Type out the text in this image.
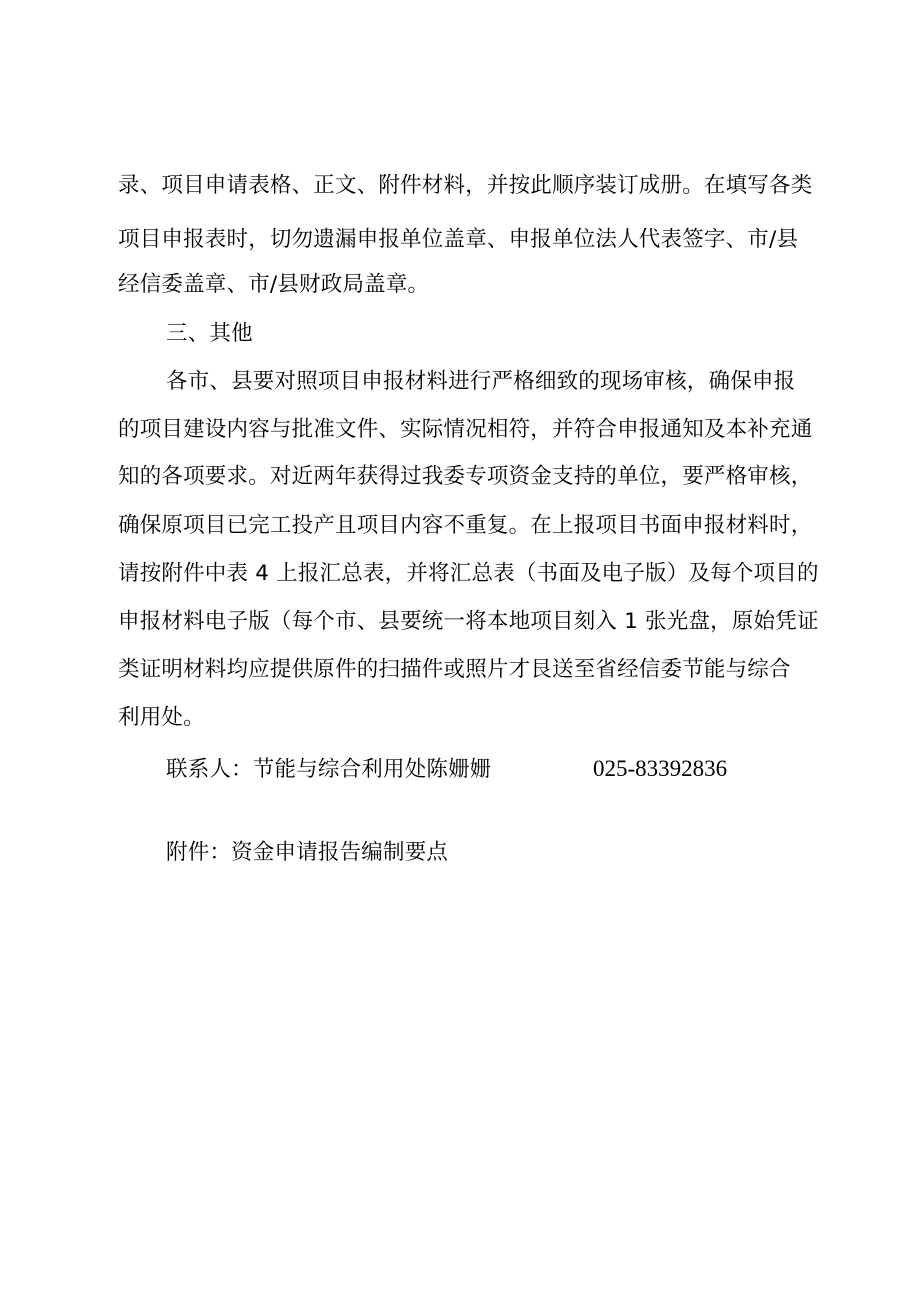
录、项目申请表格、正文、附件材料，并按此顺序装订成册。在填写各类
项目申报表时，切勿遗漏申报单位盖章、申报单位法人代表签字、市/县
经信委盖章、市/县财政局盖章。
三、其他
各市、县要对照项目申报材料进行严格细致的现场审核，确保申报
的项目建设内容与批准文件、实际情况相符，并符合申报通知及本补充通
知的各项要求。对近两年获得过我委专项资金支持的单位，要严格审核，
确保原项目已完工投产且项目内容不重复。在上报项目书面申报材料时，
请按附件中表 4 上报汇总表，并将汇总表（书面及电子版）及每个项目的
申报材料电子版（每个市、县要统一将本地项目刻入 1 张光盘，原始凭证
类证明材料均应提供原件的扫描件或照片才艮送至省经信委节能与综合
利用处。
联系人：节能与综合利用处陈姗姗	025-83392836
附件：资金申请报告编制要点
